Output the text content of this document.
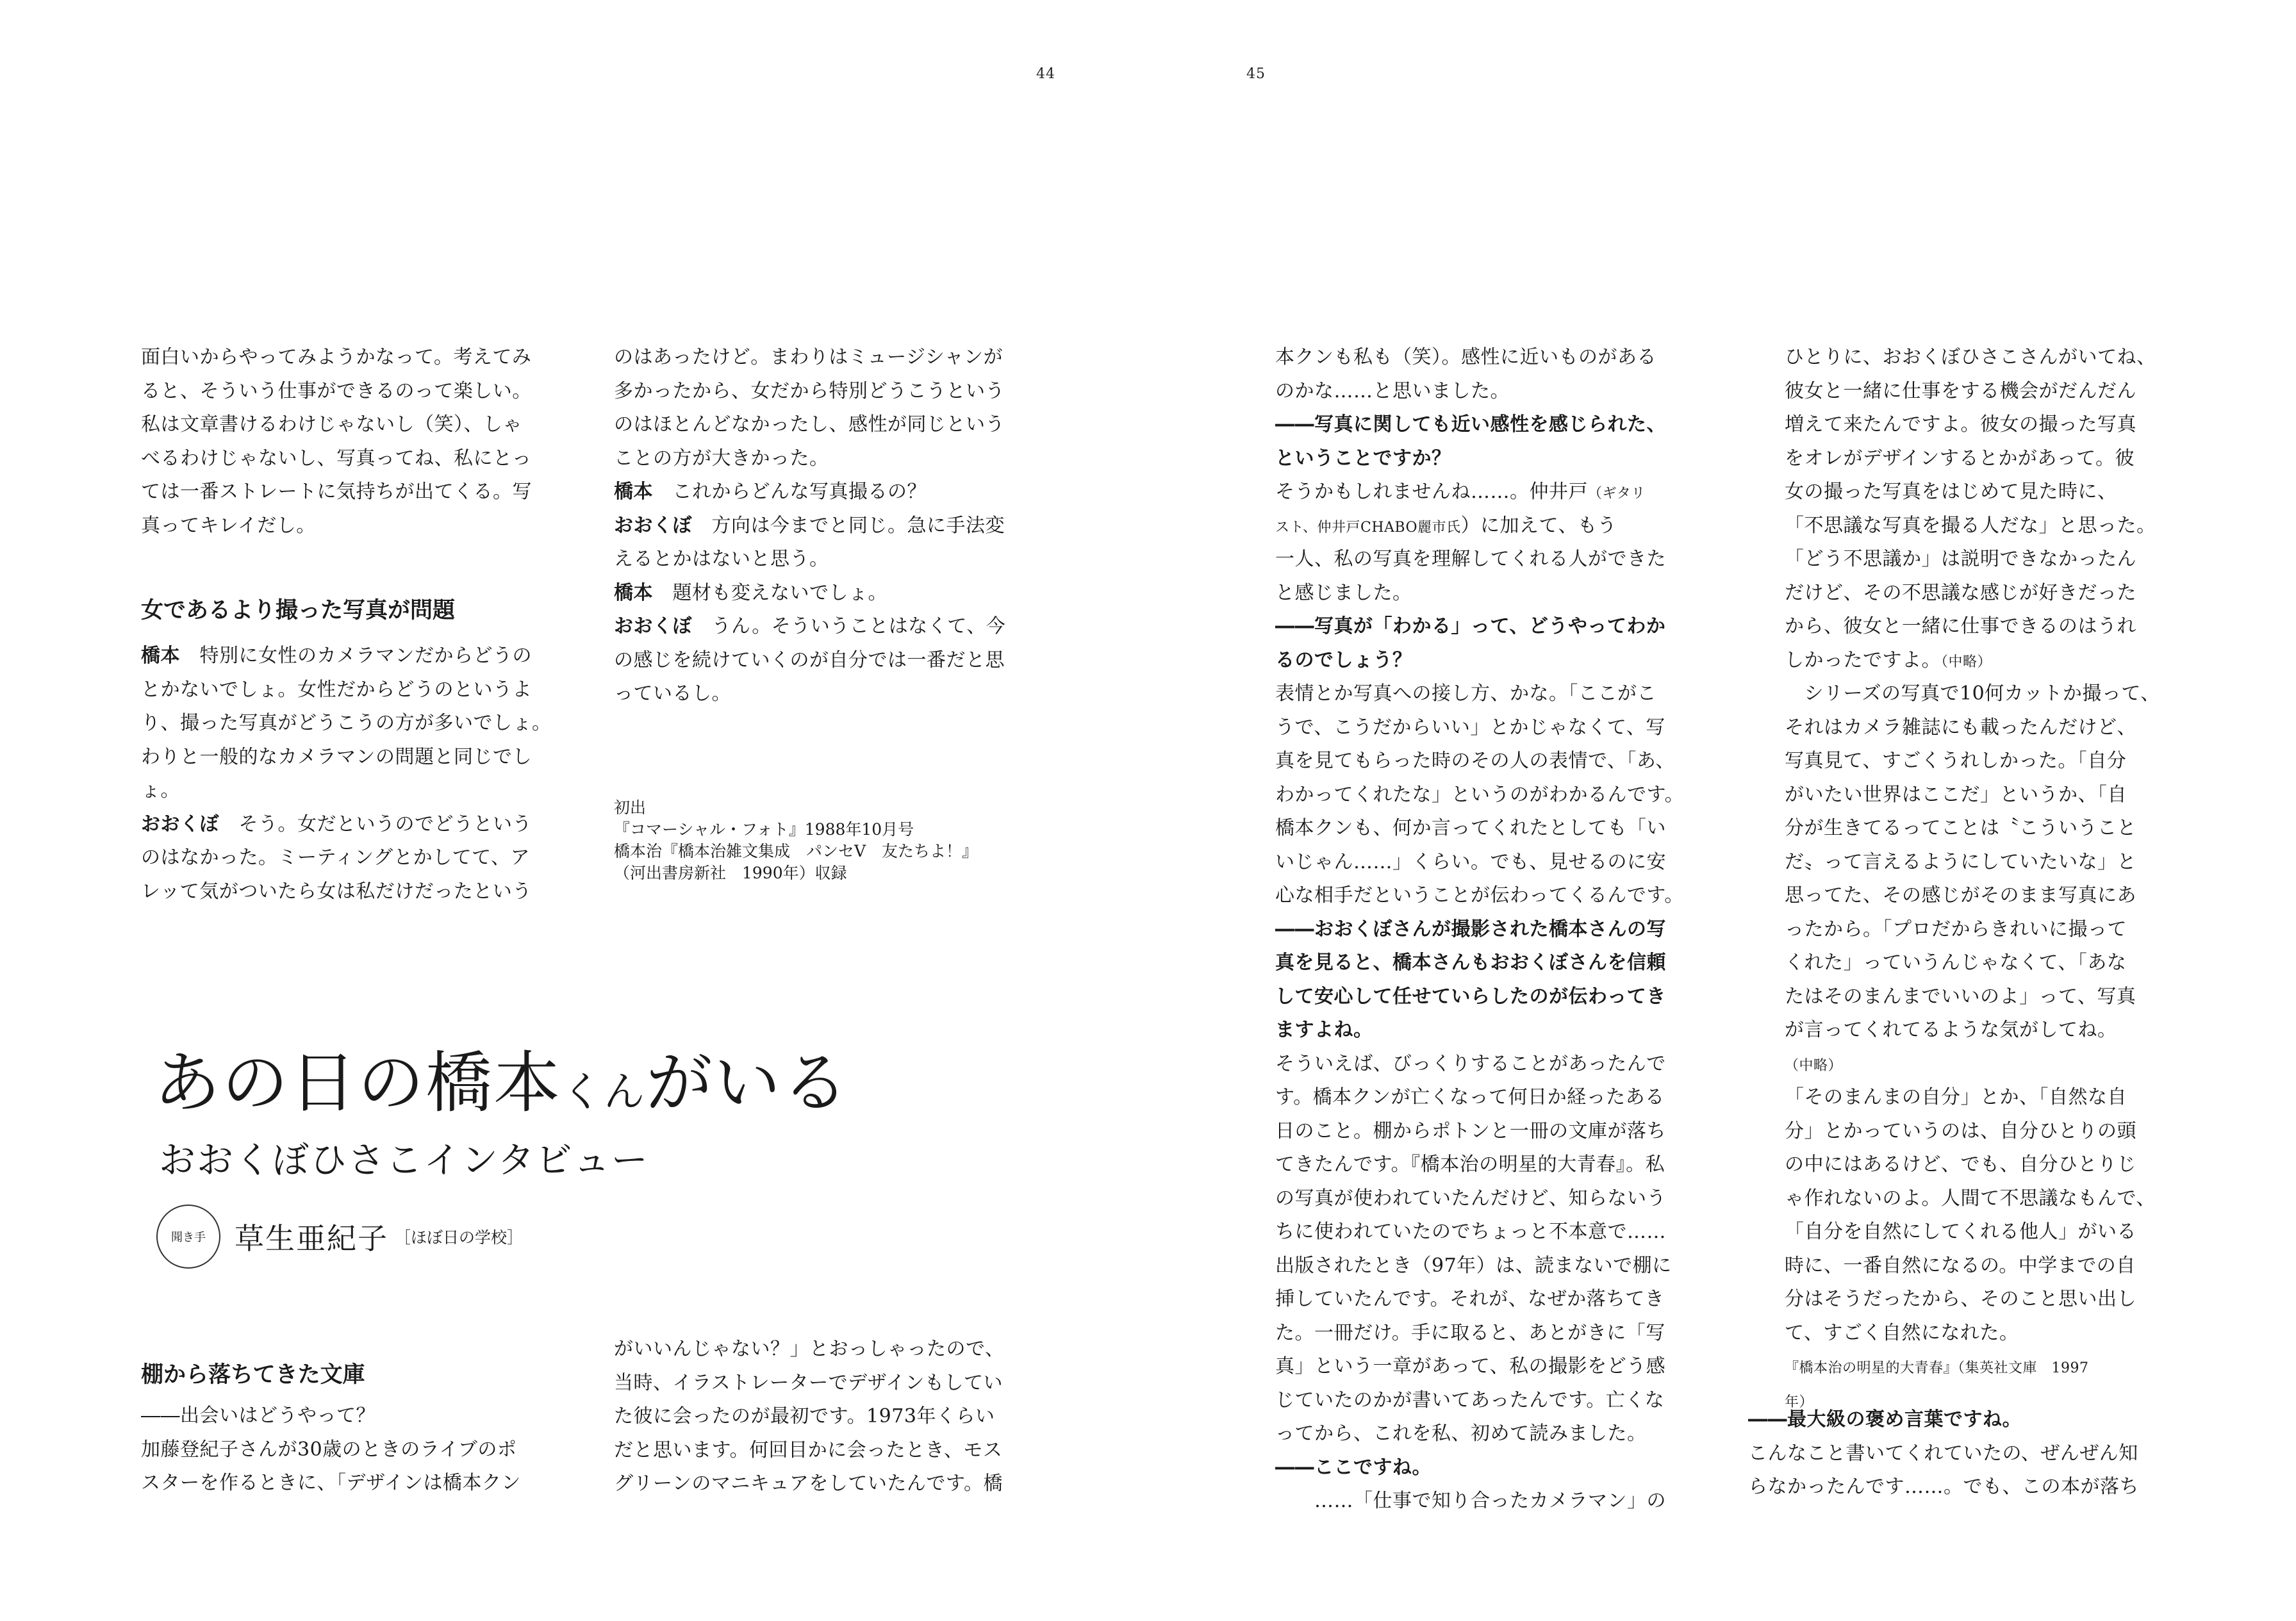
44	45
面白いからやってみようかなって。考えてみ
ると、そういう仕事ができるのって楽しい。
私は文章書けるわけじゃないし（笑）、しゃ
べるわけじゃないし、写真ってね、私にとっ
ては一番ストレートに気持ちが出てくる。写
真ってキレイだし。
女であるより撮った写真が問題
橋本　特別に女性のカメラマンだからどうの
とかないでしょ。女性だからどうのというよ
り、撮った写真がどうこうの方が多いでしょ。
わりと一般的なカメラマンの問題と同じでし
ょ。
おおくぼ　そう。女だというのでどうという
のはなかった。ミーティングとかしてて、ア
レッて気がついたら女は私だけだったという
のはあったけど。まわりはミュージシャンが
多かったから、女だから特別どうこうという
のはほとんどなかったし、感性が同じという
ことの方が大きかった。
橋本　これからどんな写真撮るの？
おおくぼ　方向は今までと同じ。急に手法変
えるとかはないと思う。
橋本　題材も変えないでしょ。
おおくぼ　うん。そういうことはなくて、今
の感じを続けていくのが自分では一番だと思
っているし。
初出
『コマーシャル・フォト』1988年10月号
橋本治『橋本治雑文集成　パンセⅤ　友たちよ！』
（河出書房新社　1990年）収録
あの日の橋本くんがいる
おおくぼひさこインタビュー
聞き手 草生亜紀子 ［ほぼ日の学校］
棚から落ちてきた文庫
――出会いはどうやって？
加藤登紀子さんが30歳のときのライブのポ
スターを作るときに、「デザインは橋本クン
がいいんじゃない？」とおっしゃったので、
当時、イラストレーターでデザインもしてい
た彼に会ったのが最初です。1973年くらい
だと思います。何回目かに会ったとき、モス
グリーンのマニキュアをしていたんです。橋
本クンも私も（笑）。感性に近いものがある
のかな……と思いました。
――写真に関しても近い感性を感じられた、
ということですか？
そうかもしれませんね……。仲井戸（ギタリ
スト、仲井戸CHABO麗市氏）に加えて、もう
一人、私の写真を理解してくれる人ができた
と感じました。
――写真が「わかる」って、どうやってわか
るのでしょう？
表情とか写真への接し方、かな。「ここがこ
うで、こうだからいい」とかじゃなくて、写
真を見てもらった時のその人の表情で、「あ、
わかってくれたな」というのがわかるんです。
橋本クンも、何か言ってくれたとしても「い
いじゃん……」くらい。でも、見せるのに安
心な相手だということが伝わってくるんです。
――おおくぼさんが撮影された橋本さんの写
真を見ると、橋本さんもおおくぼさんを信頼
して安心して任せていらしたのが伝わってき
ますよね。
そういえば、びっくりすることがあったんで
す。橋本クンが亡くなって何日か経ったある
日のこと。棚からポトンと一冊の文庫が落ち
てきたんです。『橋本治の明星的大青春』。私
の写真が使われていたんだけど、知らないう
ちに使われていたのでちょっと不本意で……
出版されたとき（97年）は、読まないで棚に
挿していたんです。それが、なぜか落ちてき
た。一冊だけ。手に取ると、あとがきに「写
真」という一章があって、私の撮影をどう感
じていたのかが書いてあったんです。亡くな
ってから、これを私、初めて読みました。
――ここですね。
　　……「仕事で知り合ったカメラマン」の
ひとりに、おおくぼひさこさんがいてね、
彼女と一緒に仕事をする機会がだんだん
増えて来たんですよ。彼女の撮った写真
をオレがデザインするとかがあって。彼
女の撮った写真をはじめて見た時に、
「不思議な写真を撮る人だな」と思った。
「どう不思議か」は説明できなかったん
だけど、その不思議な感じが好きだった
から、彼女と一緒に仕事できるのはうれ
しかったですよ。（中略）
　シリーズの写真で10何カットか撮って、
それはカメラ雑誌にも載ったんだけど、
写真見て、すごくうれしかった。「自分
がいたい世界はここだ」というか、「自
分が生きてるってことは〝こういうこと
だ〟って言えるようにしていたいな」と
思ってた、その感じがそのまま写真にあ
ったから。「プロだからきれいに撮って
くれた」っていうんじゃなくて、「あな
たはそのまんまでいいのよ」って、写真
が言ってくれてるような気がしてね。
（中略）
「そのまんまの自分」とか、「自然な自
分」とかっていうのは、自分ひとりの頭
の中にはあるけど、でも、自分ひとりじ
ゃ作れないのよ。人間て不思議なもんで、
「自分を自然にしてくれる他人」がいる
時に、一番自然になるの。中学までの自
分はそうだったから、そのこと思い出し
て、すごく自然になれた。
『橋本治の明星的大青春』（集英社文庫　1997
年）
――最大級の褒め言葉ですね。
こんなこと書いてくれていたの、ぜんぜん知
らなかったんです……。でも、この本が落ち
